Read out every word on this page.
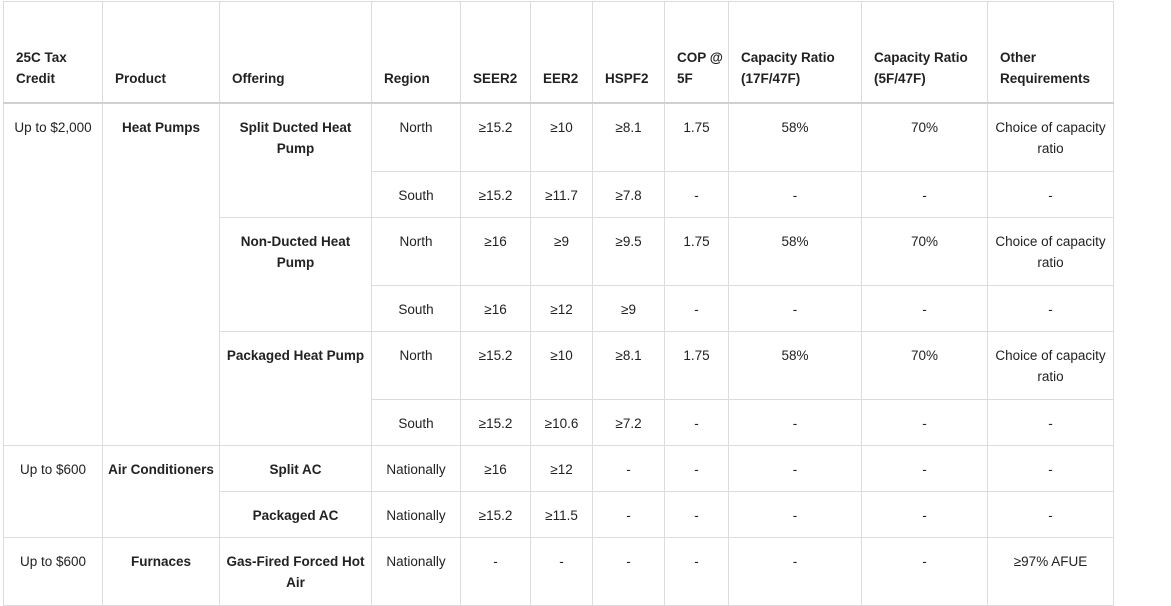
25C Tax Credit	Product	Offering	Region	SEER2	EER2	HSPF2	COP @ 5F	Capacity Ratio (17F/47F)	Capacity Ratio (5F/47F)	Other Requirements
Up to $2,000	Heat Pumps	Split Ducted Heat Pump	North	≥15.2	≥10	≥8.1	1.75	58%	70%	Choice of capacity ratio
			South	≥15.2	≥11.7	≥7.8	-	-	-	-
		Non-Ducted Heat Pump	North	≥16	≥9	≥9.5	1.75	58%	70%	Choice of capacity ratio
			South	≥16	≥12	≥9	-	-	-	-
		Packaged Heat Pump	North	≥15.2	≥10	≥8.1	1.75	58%	70%	Choice of capacity ratio
			South	≥15.2	≥10.6	≥7.2	-	-	-	-
Up to $600	Air Conditioners	Split AC	Nationally	≥16	≥12	-	-	-	-	-
		Packaged AC	Nationally	≥15.2	≥11.5	-	-	-	-	-
Up to $600	Furnaces	Gas-Fired Forced Hot Air	Nationally	-	-	-	-	-	-	≥97% AFUE
